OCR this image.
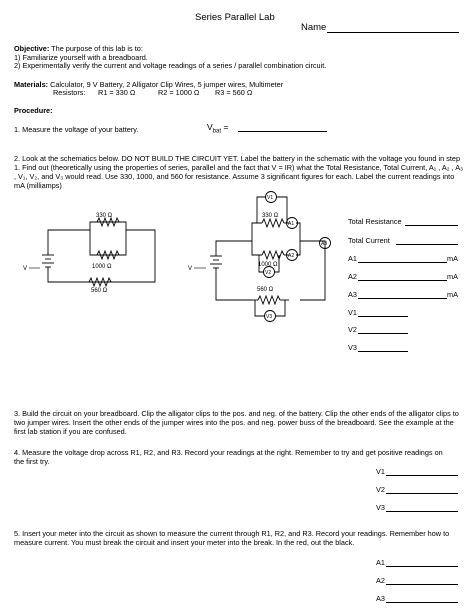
Series Parallel Lab
Name
Objective: The purpose of this lab is to:
1) Familiarize yourself with a breadboard.
2) Experimentally verify the current and voltage readings of a series / parallel combination circuit.
Materials: Calculator, 9 V Battery, 2 Alligator Clip Wires, 5 jumper wires, Multimeter
Resistors: R1 = 330 Ω	R2 = 1000 Ω R3 = 560 Ω
Procedure:
1. Measure the voltage of your battery.	$V_{bat}$ =
2. Look at the schematics below. DO NOT BUILD THE CIRCUIT YET. Label the battery in the schematic with the voltage you found in step 1. Find out (theoretically using the properties of series, parallel and the fact that V = IR) what the Total Resistance, Total Current, A₁ , A₂ , A₃ , V₁, V₂, and V₃ would read. Use 330, 1000, and 560 for resistance. Assume 3 significant figures for each. Label the current readings into mA (milliamps)
330 Ω
1000 Ω
560 Ω
V
330 Ω
1000 Ω
560 Ω
V
V1
A1
A2
V2
A3
V3
Total Resistance
Total Current
A1	mA
A2	mA
A3	mA
V1
V2
V3
3. Build the circuit on your breadboard. Clip the alligator clips to the pos. and neg. of the battery. Clip the other ends of the alligator clips to two jumper wires. Insert the other ends of the jumper wires into the pos. and neg. power buss of the breadboard. See the example at the first lab station if you are confused.
4. Measure the voltage drop across R1, R2, and R3. Record your readings at the right. Remember to try and get positive readings on the first try.
V1
V2
V3
5. Insert your meter into the circuit as shown to measure the current through R1, R2, and R3. Record your readings. Remember how to measure current. You must break the circuit and insert your meter into the break. In the red, out the black.
A1
A2
A3
